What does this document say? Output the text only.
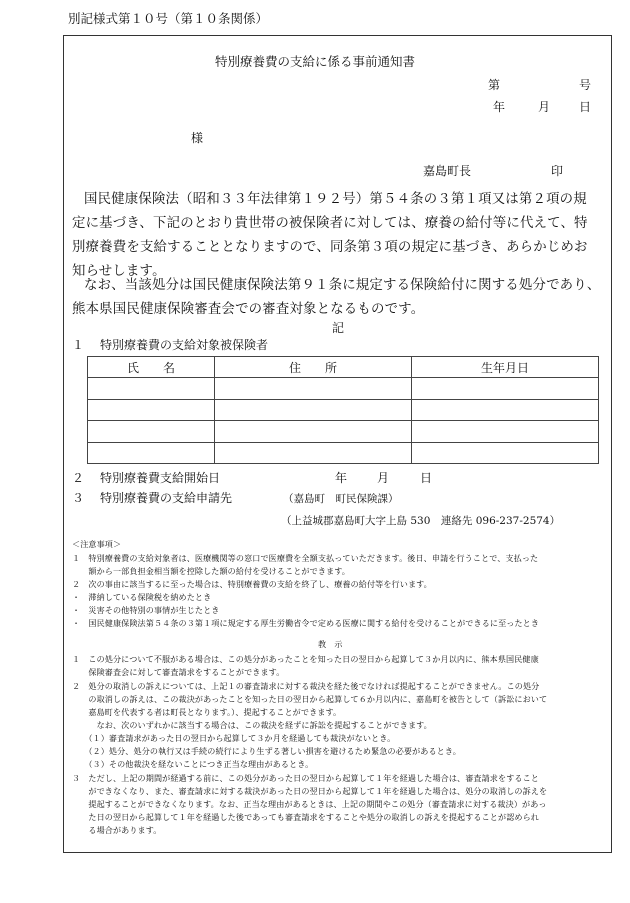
別記様式第１０号（第１０条関係）
特別療養費の支給に係る事前通知書
第	号
年	月 日
様
嘉島町長	印
国民健康保険法（昭和３３年法律第１９２号）第５４条の３第１項又は第２項の規
定に基づき、下記のとおり貴世帯の被保険者に対しては、療養の給付等に代えて、特
別療養費を支給することとなりますので、同条第３項の規定に基づき、あらかじめお
知らせします。
なお、当該処分は国民健康保険法第９１条に規定する保険給付に関する処分であり、
熊本県国民健康保険審査会での審査対象となるものです。
記
１ 特別療養費の支給対象被保険者
氏　　名	住　　所	生年月日

２ 特別療養費支給開始日	年 月	日
３ 特別療養費の支給申請先	（嘉島町　町民保険課）
（上益城郡嘉島町大字上島 530　連絡先 096-237-2574）
＜注意事項＞
１　特別療養費の支給対象者は、医療機関等の窓口で医療費を全額支払っていただきます。後日、申請を行うことで、支払った
　　額から一部負担金相当額を控除した額の給付を受けることができます。
２　次の事由に該当するに至った場合は、特別療養費の支給を終了し、療養の給付等を行います。
・　滞納している保険税を納めたとき
・　災害その他特別の事情が生じたとき
・　国民健康保険法第５４条の３第１項に規定する厚生労働省令で定める医療に関する給付を受けることができるに至ったとき
教　示
１　この処分について不服がある場合は、この処分があったことを知った日の翌日から起算して３か月以内に、熊本県国民健康
　　保険審査会に対して審査請求をすることができます。
２　処分の取消しの訴えについては、上記１の審査請求に対する裁決を経た後でなければ提起することができません。この処分
　　の取消しの訴えは、この裁決があったことを知った日の翌日から起算して６か月以内に、嘉島町を被告として（訴訟において
　　嘉島町を代表する者は町長となります。）、提起することができます。
　　　なお、次のいずれかに該当する場合は、この裁決を経ずに訴訟を提起することができます。
　　（１）審査請求があった日の翌日から起算して３か月を経過しても裁決がないとき。
　　（２）処分、処分の執行又は手続の続行により生ずる著しい損害を避けるため緊急の必要があるとき。
　　（３）その他裁決を経ないことにつき正当な理由があるとき。
３　ただし、上記の期間が経過する前に、この処分があった日の翌日から起算して１年を経過した場合は、審査請求をすること
　　ができなくなり、また、審査請求に対する裁決があった日の翌日から起算して１年を経過した場合は、処分の取消しの訴えを
　　提起することができなくなります。なお、正当な理由があるときは、上記の期間やこの処分（審査請求に対する裁決）があっ
　　た日の翌日から起算して１年を経過した後であっても審査請求をすることや処分の取消しの訴えを提起することが認められ
　　る場合があります。
